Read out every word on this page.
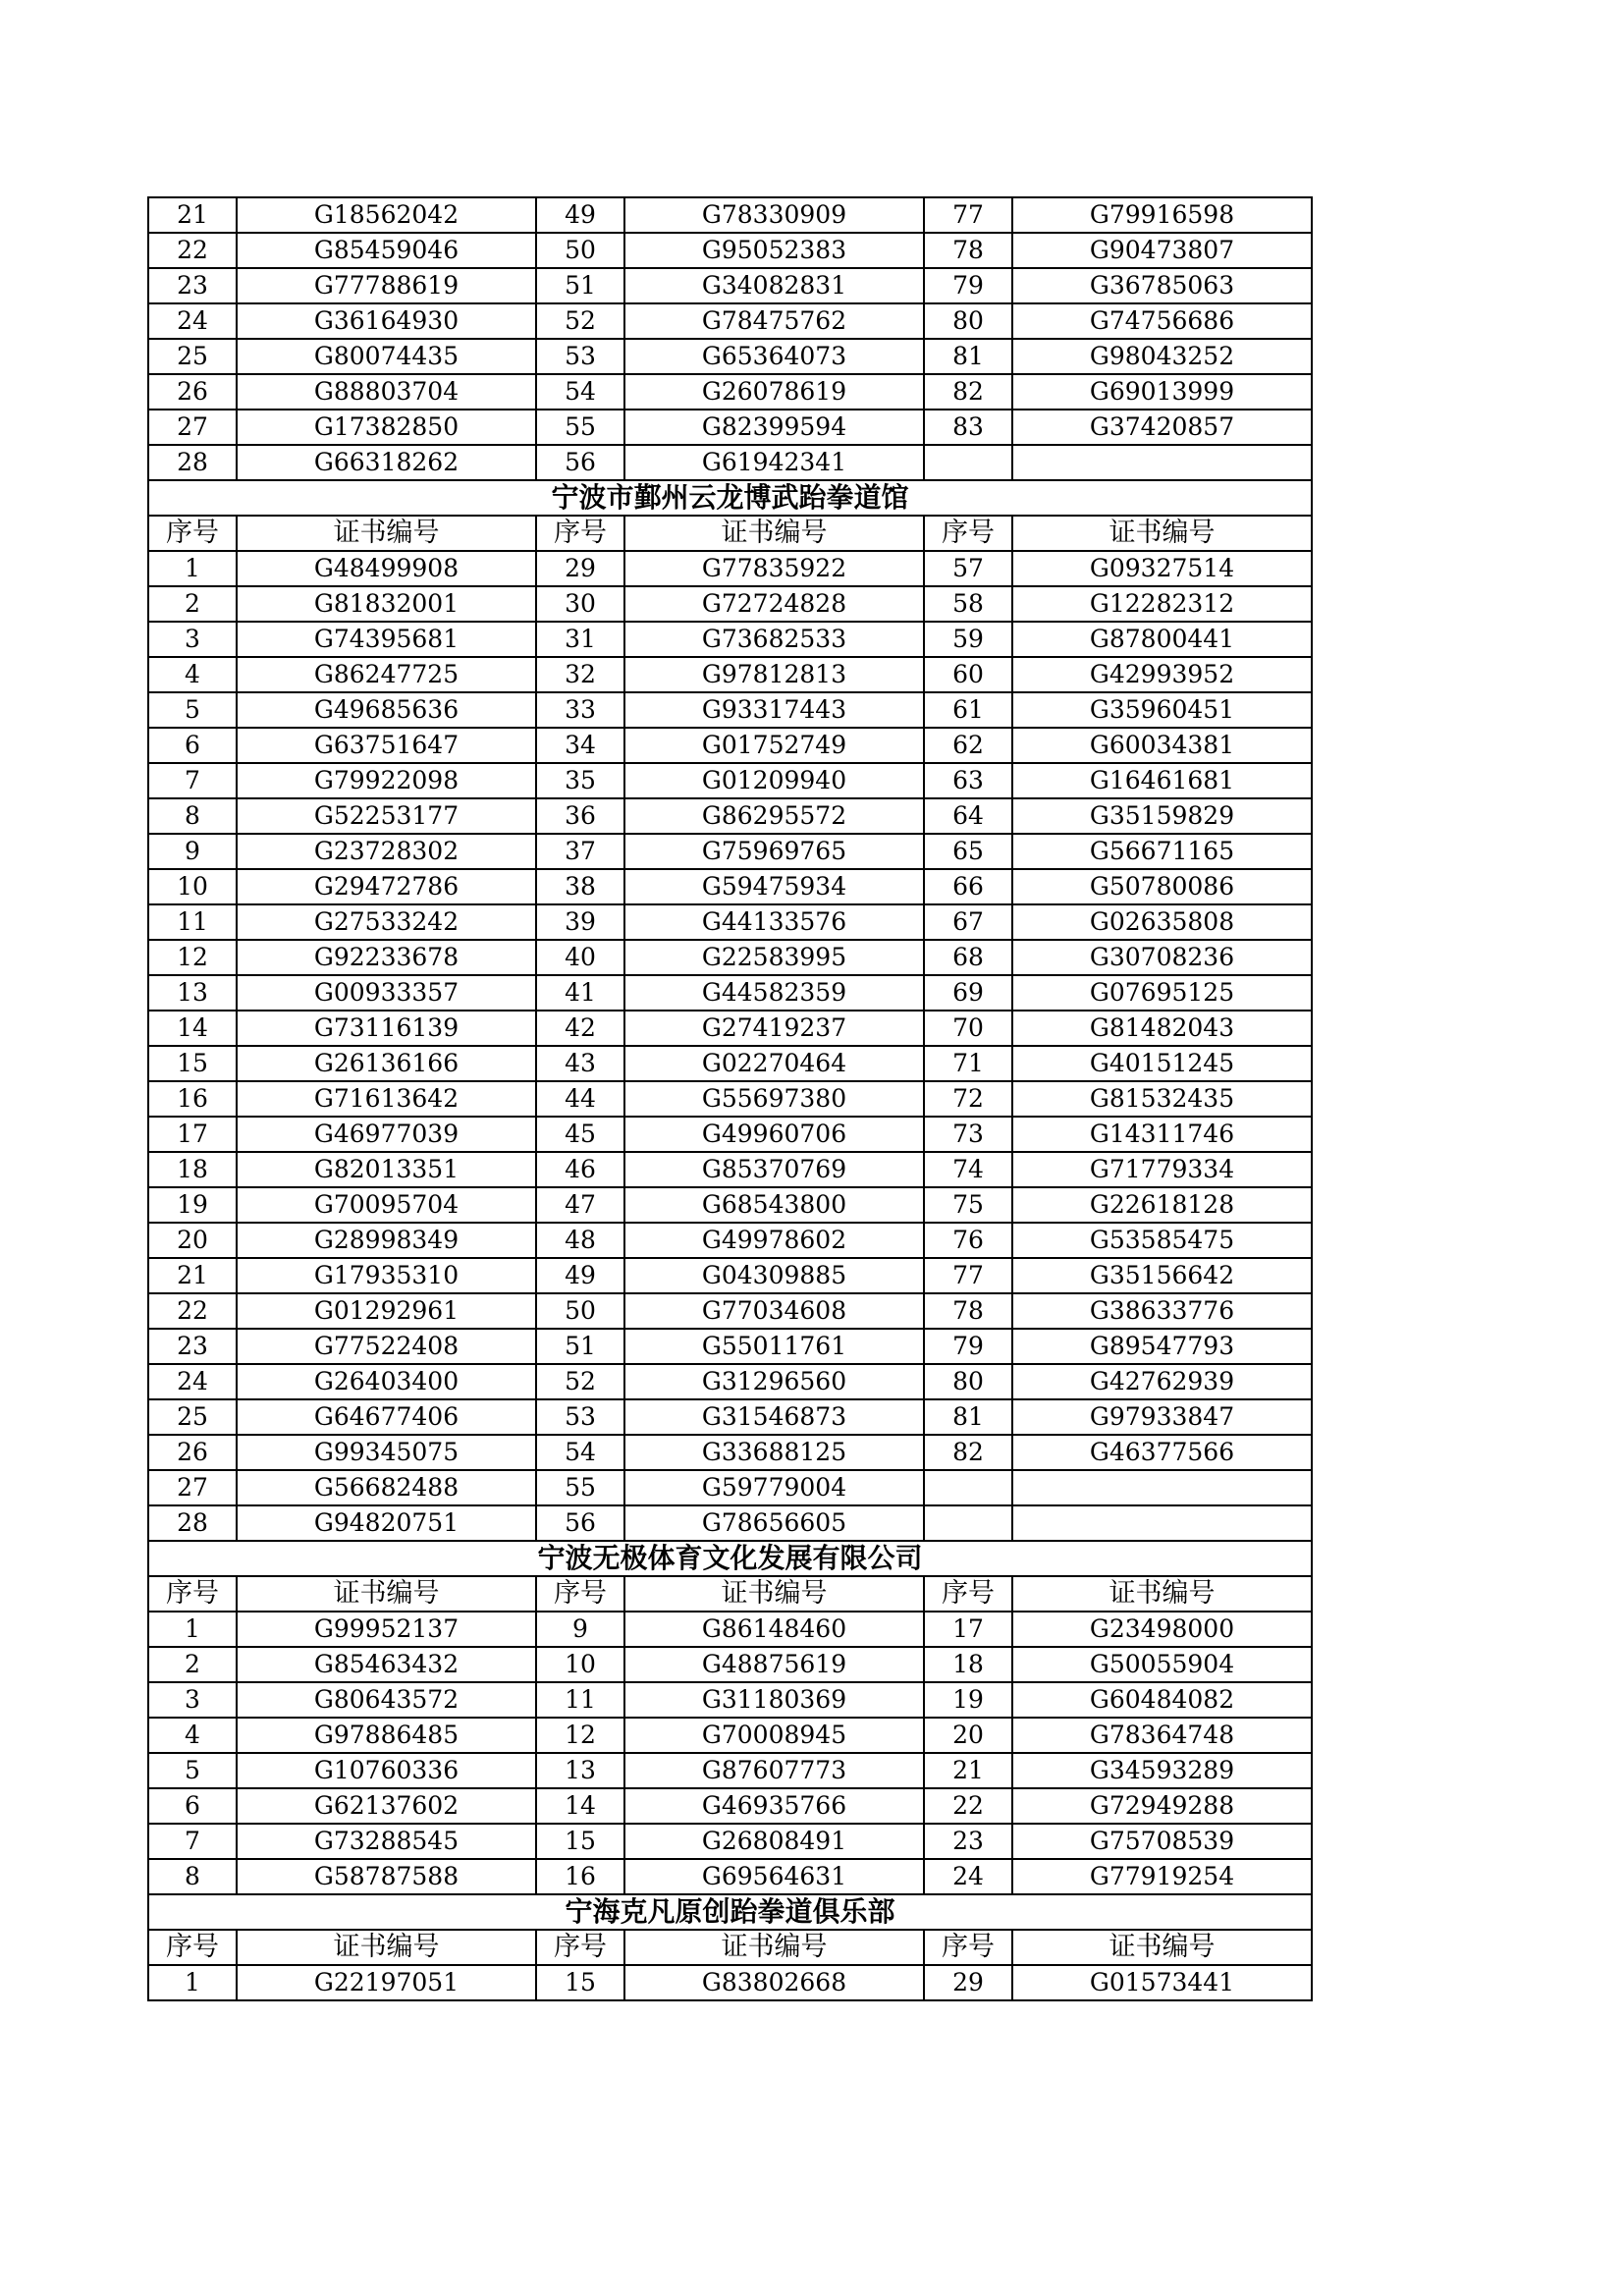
21	G18562042	49	G78330909	77	G79916598
22	G85459046	50	G95052383	78	G90473807
23	G77788619	51	G34082831	79	G36785063
24	G36164930	52	G78475762	80	G74756686
25	G80074435	53	G65364073	81	G98043252
26	G88803704	54	G26078619	82	G69013999
27	G17382850	55	G82399594	83	G37420857
28	G66318262	56	G61942341		
宁波市鄞州云龙博武跆拳道馆					
序号	证书编号	序号	证书编号	序号	证书编号
1	G48499908	29	G77835922	57	G09327514
2	G81832001	30	G72724828	58	G12282312
3	G74395681	31	G73682533	59	G87800441
4	G86247725	32	G97812813	60	G42993952
5	G49685636	33	G93317443	61	G35960451
6	G63751647	34	G01752749	62	G60034381
7	G79922098	35	G01209940	63	G16461681
8	G52253177	36	G86295572	64	G35159829
9	G23728302	37	G75969765	65	G56671165
10	G29472786	38	G59475934	66	G50780086
11	G27533242	39	G44133576	67	G02635808
12	G92233678	40	G22583995	68	G30708236
13	G00933357	41	G44582359	69	G07695125
14	G73116139	42	G27419237	70	G81482043
15	G26136166	43	G02270464	71	G40151245
16	G71613642	44	G55697380	72	G81532435
17	G46977039	45	G49960706	73	G14311746
18	G82013351	46	G85370769	74	G71779334
19	G70095704	47	G68543800	75	G22618128
20	G28998349	48	G49978602	76	G53585475
21	G17935310	49	G04309885	77	G35156642
22	G01292961	50	G77034608	78	G38633776
23	G77522408	51	G55011761	79	G89547793
24	G26403400	52	G31296560	80	G42762939
25	G64677406	53	G31546873	81	G97933847
26	G99345075	54	G33688125	82	G46377566
27	G56682488	55	G59779004		
28	G94820751	56	G78656605		
宁波无极体育文化发展有限公司					
序号	证书编号	序号	证书编号	序号	证书编号
1	G99952137	9	G86148460	17	G23498000
2	G85463432	10	G48875619	18	G50055904
3	G80643572	11	G31180369	19	G60484082
4	G97886485	12	G70008945	20	G78364748
5	G10760336	13	G87607773	21	G34593289
6	G62137602	14	G46935766	22	G72949288
7	G73288545	15	G26808491	23	G75708539
8	G58787588	16	G69564631	24	G77919254
宁海克凡原创跆拳道俱乐部					
序号	证书编号	序号	证书编号	序号	证书编号
1	G22197051	15	G83802668	29	G01573441
